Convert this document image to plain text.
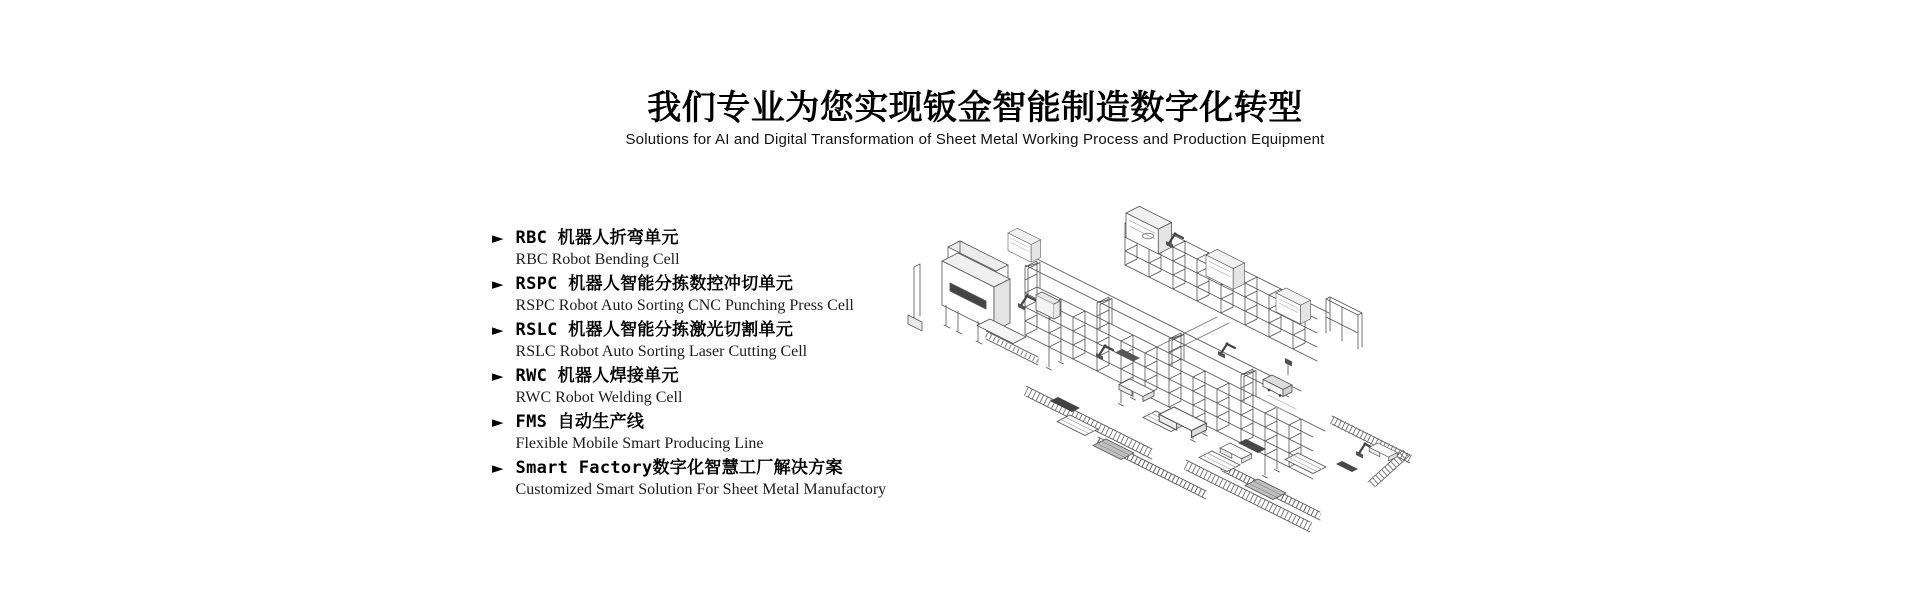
我们专业为您实现钣金智能制造数字化转型
Solutions for AI and Digital Transformation of Sheet Metal Working Process and Production Equipment
► RBC 机器人折弯单元
RBC Robot Bending Cell
► RSPC 机器人智能分拣数控冲切单元
RSPC Robot Auto Sorting CNC Punching Press Cell
► RSLC 机器人智能分拣激光切割单元
RSLC Robot Auto Sorting Laser Cutting Cell
► RWC 机器人焊接单元
RWC Robot Welding Cell
► FMS 自动生产线
Flexible Mobile Smart Producing Line
► Smart Factory数字化智慧工厂解决方案
Customized Smart Solution For Sheet Metal Manufactory
